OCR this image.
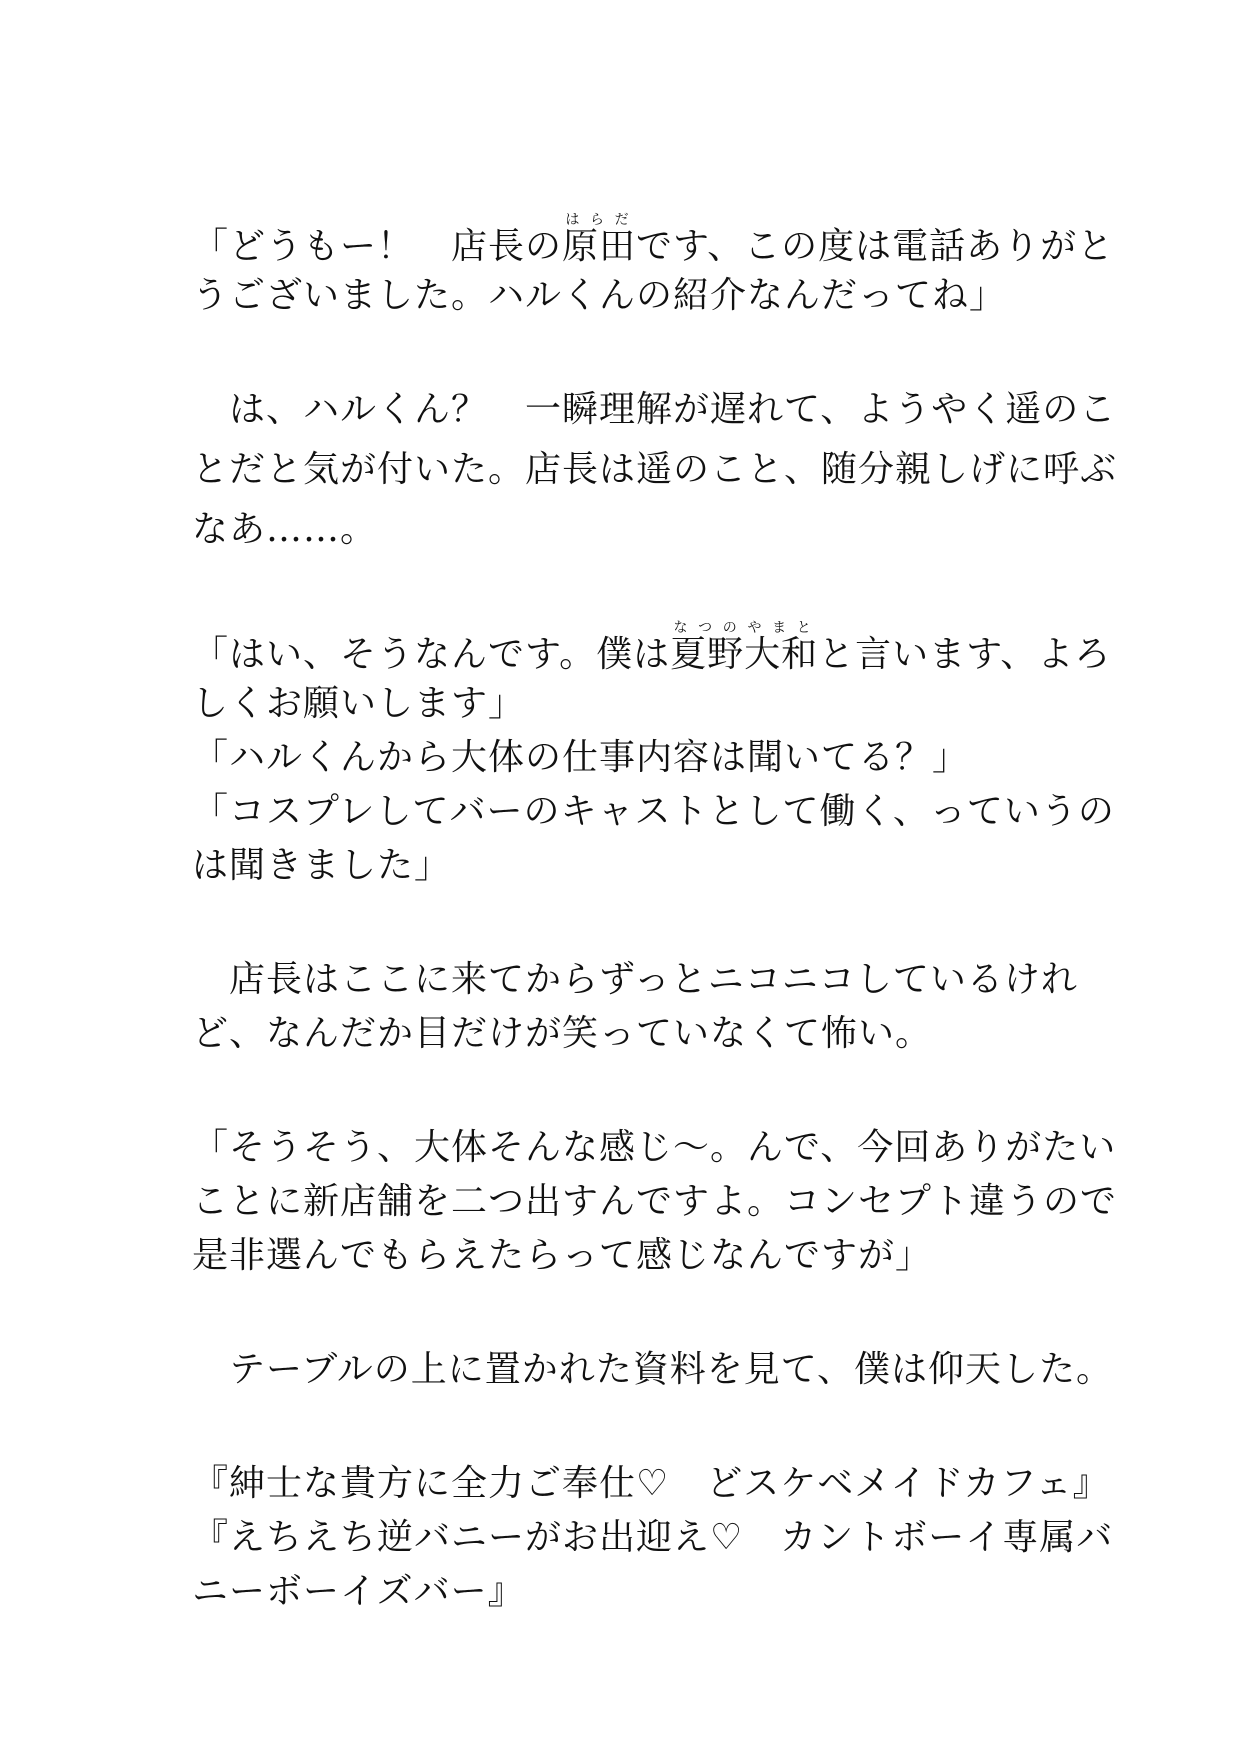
「どうもー！　店長の原田はらだです、この度は電話ありがと
うございました。ハルくんの紹介なんだってね」
　は、ハルくん？　一瞬理解が遅れて、ようやく遥のこ
とだと気が付いた。店長は遥のこと、随分親しげに呼ぶ
なあ……。
「はい、そうなんです。僕は夏野大和なつのやまとと言います、よろ
しくお願いします」
「ハルくんから大体の仕事内容は聞いてる？」
「コスプレしてバーのキャストとして働く、っていうの
は聞きました」
　店長はここに来てからずっとニコニコしているけれ
ど、なんだか目だけが笑っていなくて怖い。
「そうそう、大体そんな感じ〜。んで、今回ありがたい
ことに新店舗を二つ出すんですよ。コンセプト違うので
是非選んでもらえたらって感じなんですが」
　テーブルの上に置かれた資料を見て、僕は仰天した。
『紳士な貴方に全力ご奉仕♡　どスケベメイドカフェ』
『えちえち逆バニーがお出迎え♡　カントボーイ専属バ
ニーボーイズバー』
